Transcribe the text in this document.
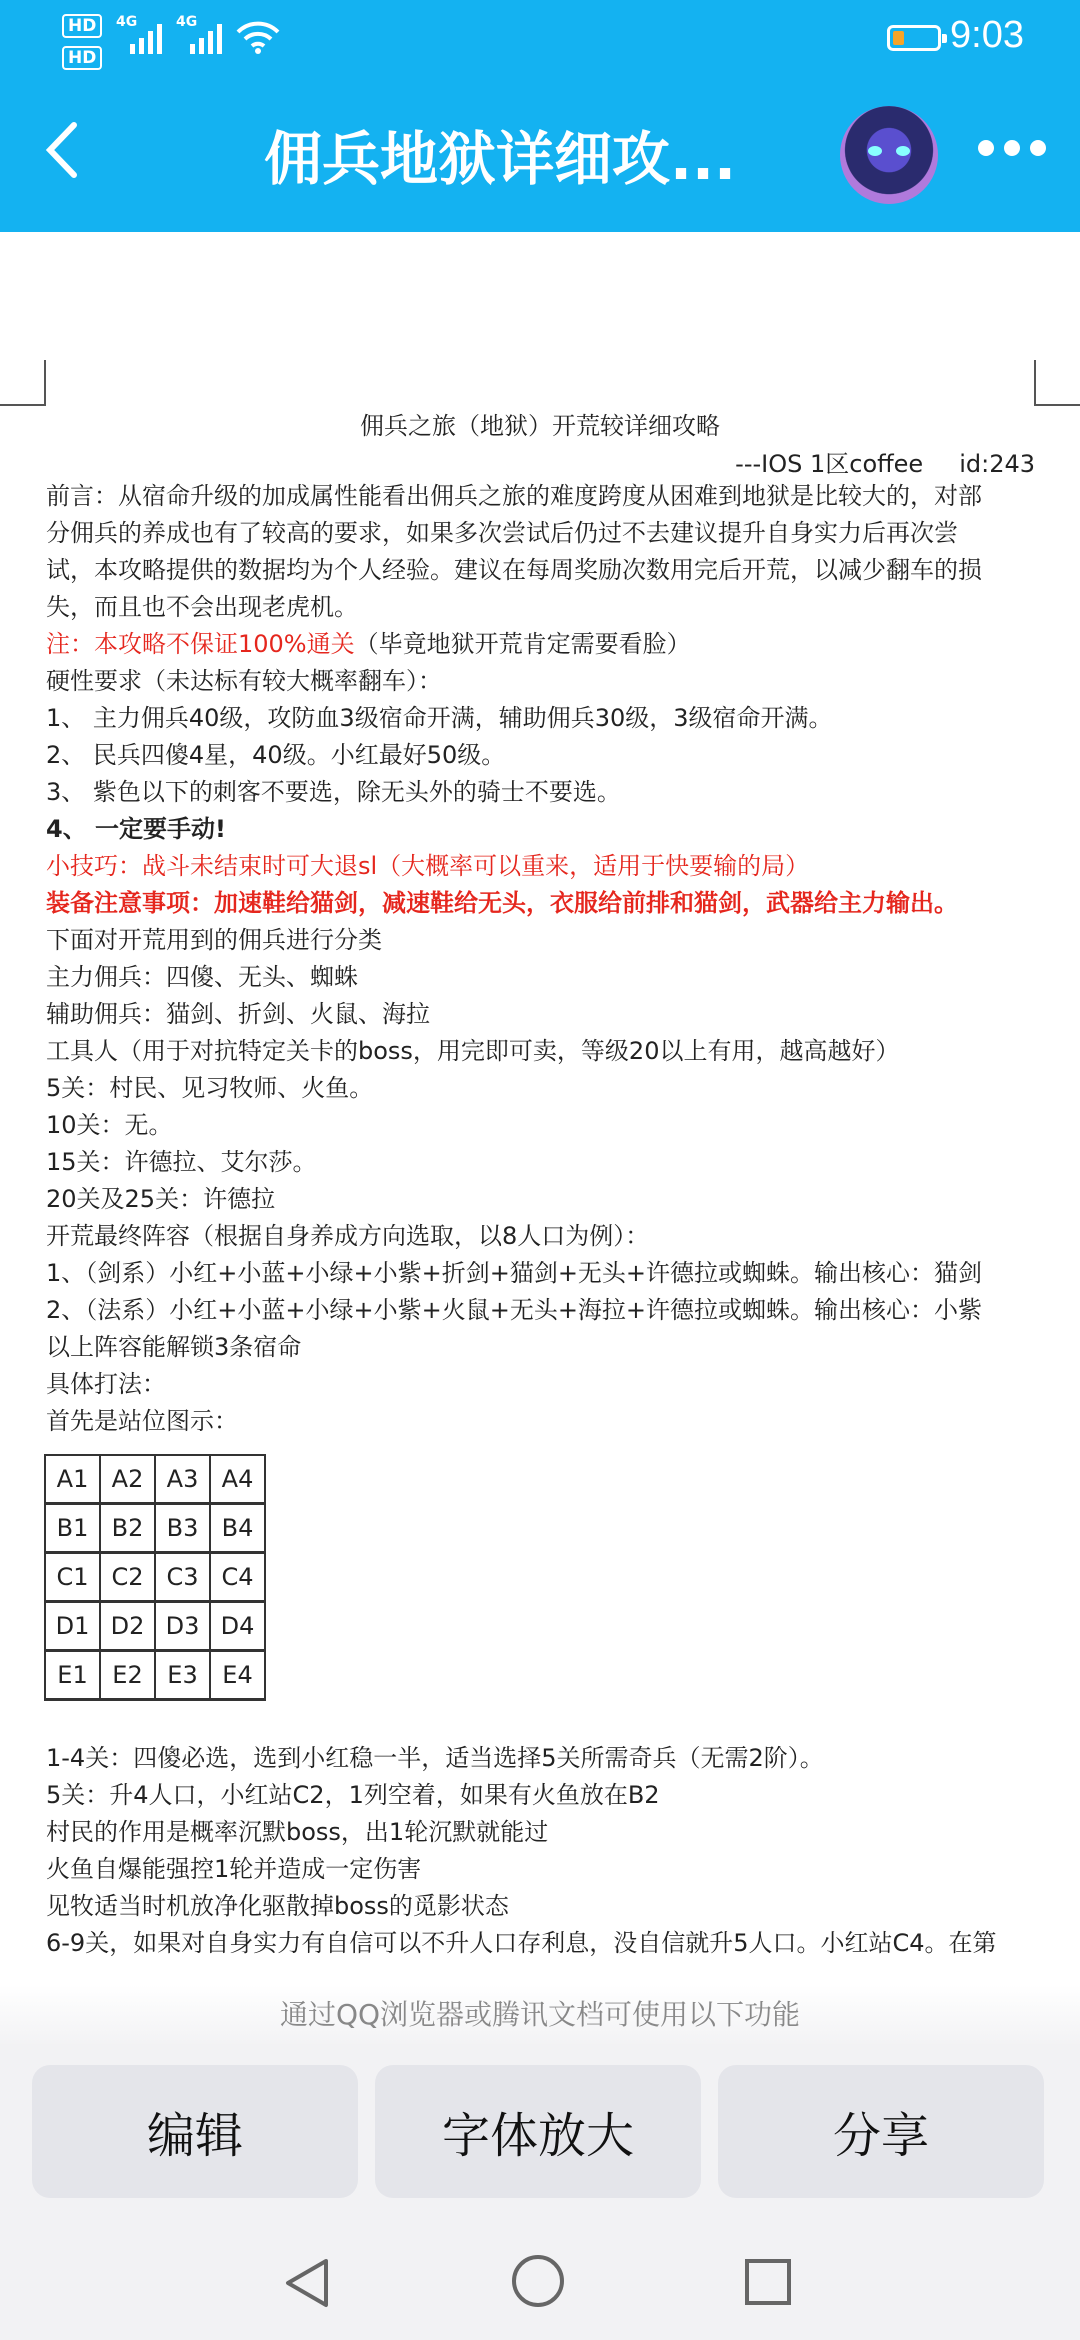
HD
HD
4G	4G	9:03
佣兵地狱详细攻...
佣兵之旅（地狱）开荒较详细攻略
---IOS 1区coffee id:243
前言：从宿命升级的加成属性能看出佣兵之旅的难度跨度从困难到地狱是比较大的，对部
分佣兵的养成也有了较高的要求，如果多次尝试后仍过不去建议提升自身实力后再次尝
试，本攻略提供的数据均为个人经验。建议在每周奖励次数用完后开荒，以减少翻车的损
失，而且也不会出现老虎机。
注：本攻略不保证100%通关（毕竟地狱开荒肯定需要看脸）
硬性要求（未达标有较大概率翻车）：
1、 主力佣兵40级，攻防血3级宿命开满，辅助佣兵30级，3级宿命开满。
2、 民兵四傻4星，40级。小红最好50级。
3、 紫色以下的刺客不要选，除无头外的骑士不要选。
4、 一定要手动!
小技巧：战斗未结束时可大退sl（大概率可以重来，适用于快要输的局）
装备注意事项：加速鞋给猫剑，减速鞋给无头，衣服给前排和猫剑，武器给主力输出。
下面对开荒用到的佣兵进行分类
主力佣兵：四傻、无头、蜘蛛
辅助佣兵：猫剑、折剑、火鼠、海拉
工具人（用于对抗特定关卡的boss，用完即可卖，等级20以上有用，越高越好）
5关：村民、见习牧师、火鱼。
10关：无。
15关：许德拉、艾尔莎。
20关及25关：许德拉
开荒最终阵容（根据自身养成方向选取，以8人口为例）：
1、（剑系）小红+小蓝+小绿+小紫+折剑+猫剑+无头+许德拉或蜘蛛。输出核心：猫剑
2、（法系）小红+小蓝+小绿+小紫+火鼠+无头+海拉+许德拉或蜘蛛。输出核心：小紫
以上阵容能解锁3条宿命
具体打法：
首先是站位图示：
A1	A2	A3	A4
B1	B2	B3	B4
C1	C2	C3	C4
D1	D2	D3	D4
E1	E2	E3	E4
1-4关：四傻必选，选到小红稳一半，适当选择5关所需奇兵（无需2阶）。
5关：升4人口，小红站C2，1列空着，如果有火鱼放在B2
村民的作用是概率沉默boss，出1轮沉默就能过
火鱼自爆能强控1轮并造成一定伤害
见牧适当时机放净化驱散掉boss的觅影状态
6-9关，如果对自身实力有自信可以不升人口存利息，没自信就升5人口。小红站C4。在第
通过QQ浏览器或腾讯文档可使用以下功能
编辑	字体放大	分享
